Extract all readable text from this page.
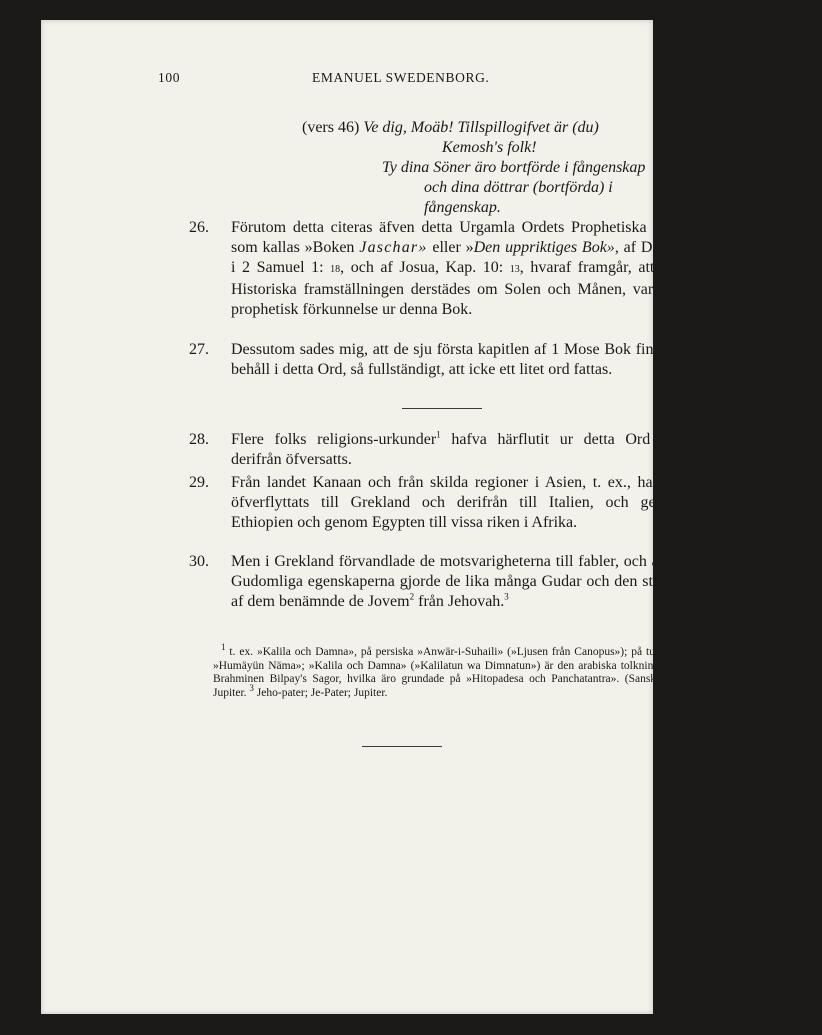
100	EMANUEL SWEDENBORG.
(vers 46) Ve dig, Moäb! Tillspillogifvet är (du)
Kemosh's folk!
Ty dina Söner äro bortförde i fångenskap
och dina döttrar (bortförda) i
fångenskap.
26. Förutom detta citeras äfven detta Urgamla Ordets Prophetiska Bok, som kallas »Boken Jaschar» eller »Den uppriktiges Bok», af David, i 2 Samuel 1: 18, och af Josua, Kap. 10: 13, hvaraf framgår, att den Historiska framställningen derstädes om Solen och Månen, varit en prophetisk förkunnelse ur denna Bok.
27. Dessutom sades mig, att de sju första kapitlen af 1 Mose Bok finnas i behåll i detta Ord, så fullständigt, att icke ett litet ord fattas.
28. Flere folks religions-urkunder$^1$ hafva härflutit ur detta Ord och derifrån öfversatts.
29. Från landet Kanaan och från skilda regioner i Asien, t. ex., har det öfverflyttats till Grekland och derifrån till Italien, och genom Ethiopien och genom Egypten till vissa riken i Afrika.
30. Men i Grekland förvandlade de motsvarigheterna till fabler, och af de Gudomliga egenskaperna gjorde de lika många Gudar och den störste af dem benämnde de Jovem$^2$ från Jehovah.$^3$
$^1$ t. ex. »Kalila och Damna», på persiska »Anwär-i-Suhaili» (»Ljusen från Canopus»); på turkiska »Humäyün Näma»; »Kalila och Damna» (»Kalilatun wa Dimnatun») är den arabiska tolkningen af Brahminen Bilpay's Sagor, hvilka äro grundade på »Hitopadesa och Panchatantra». (Sanskrit.) $^2$ Jupiter. $^3$ Jeho-pater; Je-Pater; Jupiter.
